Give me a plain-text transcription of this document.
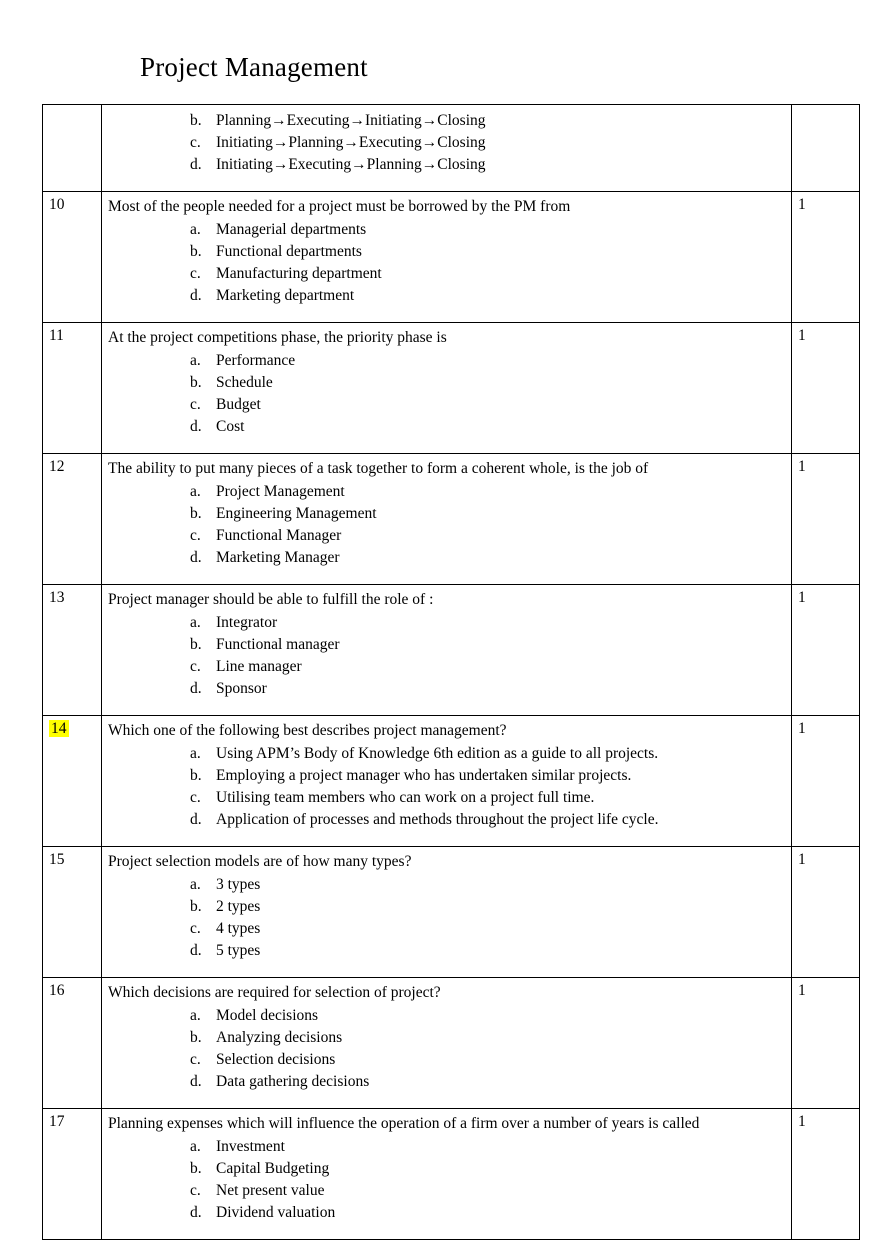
Project Management

b. Planning→Executing→Initiating→Closing
c. Initiating→Planning→Executing→Closing
d. Initiating→Executing→Planning→Closing

10	Most of the people needed for a project must be borrowed by the PM from
a. Managerial departments
b. Functional departments
c. Manufacturing department
d. Marketing department
	1
11	At the project competitions phase, the priority phase is
a. Performance
b. Schedule
c. Budget
d. Cost
	1
12	The ability to put many pieces of a task together to form a coherent whole, is the job of
a. Project Management
b. Engineering Management
c. Functional Manager
d. Marketing Manager
	1
13	Project manager should be able to fulfill the role of :
a. Integrator
b. Functional manager
c. Line manager
d. Sponsor
	1
14	Which one of the following best describes project management?
a. Using APM’s Body of Knowledge 6th edition as a guide to all projects.
b. Employing a project manager who has undertaken similar projects.
c. Utilising team members who can work on a project full time.
d. Application of processes and methods throughout the project life cycle.
	1
15	Project selection models are of how many types?
a. 3 types
b. 2 types
c. 4 types
d. 5 types
	1
16	Which decisions are required for selection of project?
a. Model decisions
b. Analyzing decisions
c. Selection decisions
d. Data gathering decisions
	1
17	Planning expenses which will influence the operation of a firm over a number of years is called
a. Investment
b. Capital Budgeting
c. Net present value
d. Dividend valuation
	1
